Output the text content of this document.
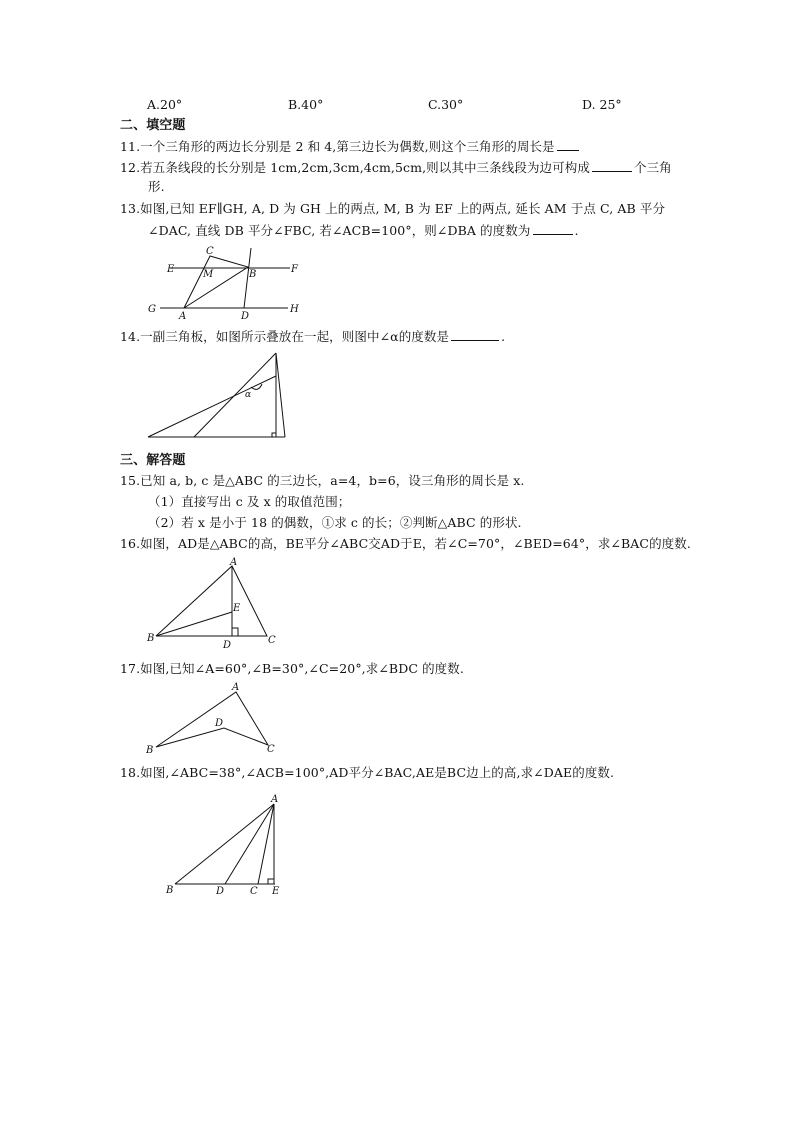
A.20°	B.40°	C.30°	D. 25°
二、填空题
11.一个三角形的两边长分别是 2 和 4,第三边长为偶数,则这个三角形的周长是
12.若五条线段的长分别是 1cm,2cm,3cm,4cm,5cm,则以其中三条线段为边可构成	个三角
形.
13.如图,已知 EF∥GH, A, D 为 GH 上的两点, M, B 为 EF 上的两点, 延长 AM 于点 C, AB 平分
∠DAC, 直线 DB 平分∠FBC, 若∠ACB=100°，则∠DBA 的度数为	.
E
C
M	B	F
G
A	D
H
14.一副三角板，如图所示叠放在一起，则图中∠α的度数是	.
α
三、解答题
15.已知 a, b, c 是△ABC 的三边长，a=4，b=6，设三角形的周长是 x.
（1）直接写出 c 及 x 的取值范围；
（2）若 x 是小于 18 的偶数，①求 c 的长；②判断△ABC 的形状.
16.如图，AD是△ABC的高，BE平分∠ABC交AD于E，若∠C=70°，∠BED=64°，求∠BAC的度数.
A
E
B
D	C
17.如图,已知∠A=60°,∠B=30°,∠C=20°,求∠BDC 的度数.
A
D
B	C
18.如图,∠ABC=38°,∠ACB=100°,AD平分∠BAC,AE是BC边上的高,求∠DAE的度数.
A
B	D	C E
